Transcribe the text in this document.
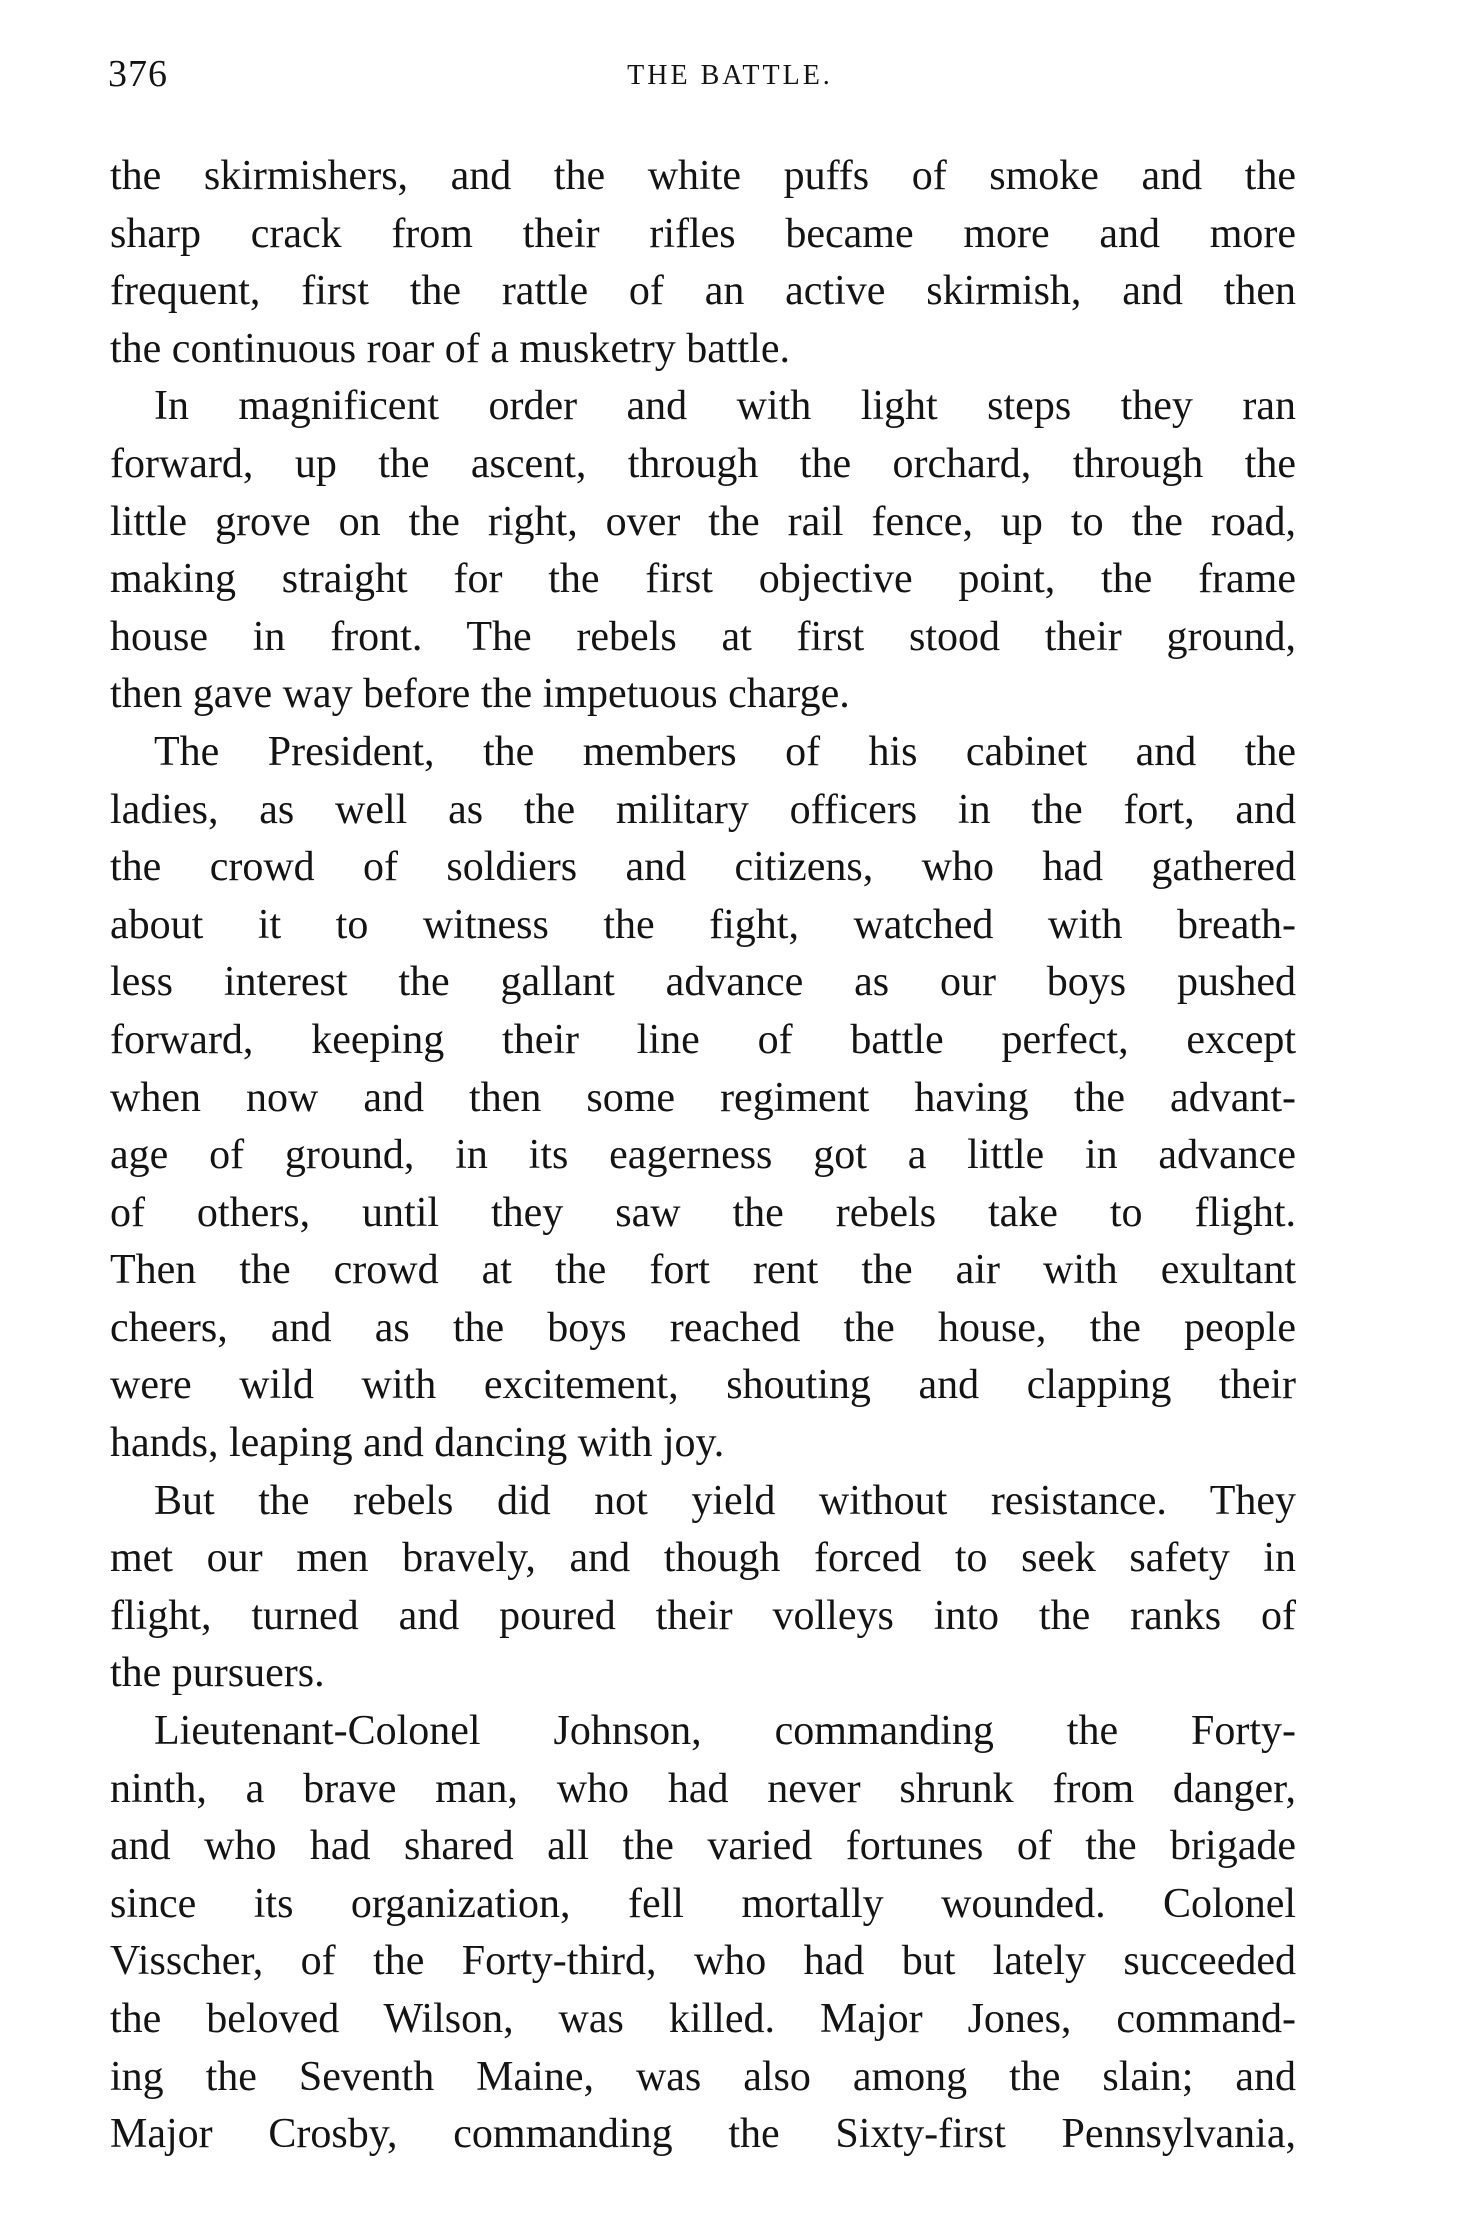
376	THE BATTLE.
the skirmishers, and the white puffs of smoke and the
sharp crack from their rifles became more and more
frequent, first the rattle of an active skirmish, and then
the continuous roar of a musketry battle.
In magnificent order and with light steps they ran
forward, up the ascent, through the orchard, through the
little grove on the right, over the rail fence, up to the road,
making straight for the first objective point, the frame
house in front. The rebels at first stood their ground,
then gave way before the impetuous charge.
The President, the members of his cabinet and the
ladies, as well as the military officers in the fort, and
the crowd of soldiers and citizens, who had gathered
about it to witness the fight, watched with breath-
less interest the gallant advance as our boys pushed
forward, keeping their line of battle perfect, except
when now and then some regiment having the advant-
age of ground, in its eagerness got a little in advance
of others, until they saw the rebels take to flight.
Then the crowd at the fort rent the air with exultant
cheers, and as the boys reached the house, the people
were wild with excitement, shouting and clapping their
hands, leaping and dancing with joy.
But the rebels did not yield without resistance. They
met our men bravely, and though forced to seek safety in
flight, turned and poured their volleys into the ranks of
the pursuers.
Lieutenant-Colonel Johnson, commanding the Forty-
ninth, a brave man, who had never shrunk from danger,
and who had shared all the varied fortunes of the brigade
since its organization, fell mortally wounded. Colonel
Visscher, of the Forty-third, who had but lately succeeded
the beloved Wilson, was killed. Major Jones, command-
ing the Seventh Maine, was also among the slain; and
Major Crosby, commanding the Sixty-first Pennsylvania,
